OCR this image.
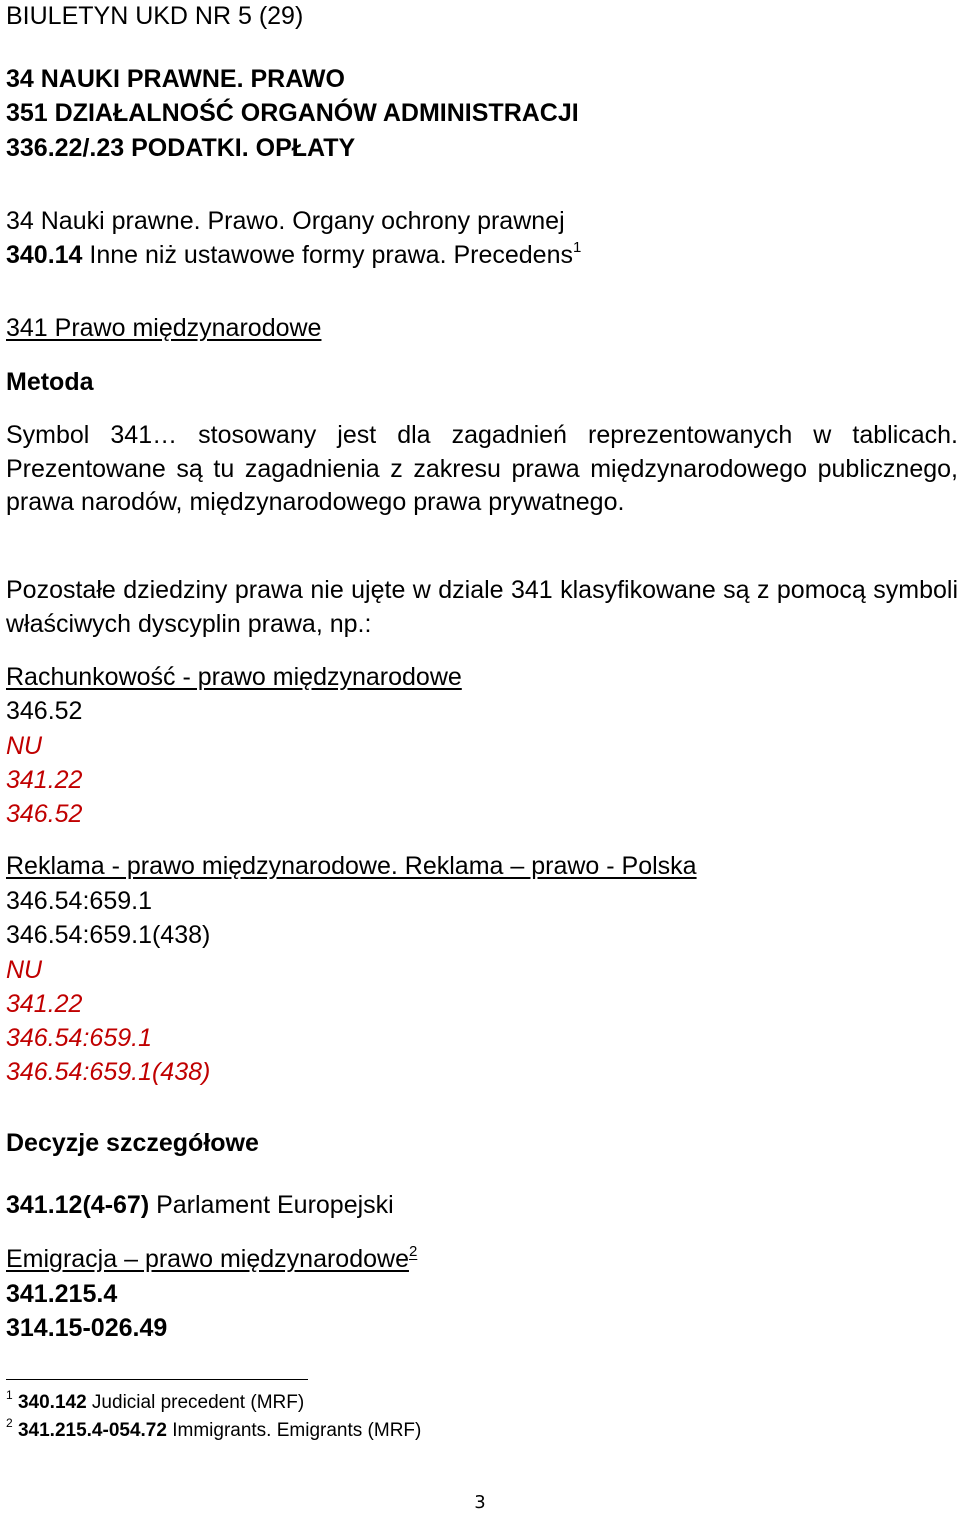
BIULETYN UKD NR 5 (29)
34 NAUKI PRAWNE. PRAWO
351 DZIAŁALNOŚĆ ORGANÓW ADMINISTRACJI
336.22/.23 PODATKI. OPŁATY
34 Nauki prawne. Prawo. Organy ochrony prawnej
340.14 Inne niż ustawowe formy prawa. Precedens$^1$
341 Prawo międzynarodowe
Metoda
Symbol 341… stosowany jest dla zagadnień reprezentowanych w tablicach. Prezentowane są tu zagadnienia z zakresu prawa międzynarodowego publicznego, prawa narodów, międzynarodowego prawa prywatnego.
Pozostałe dziedziny prawa nie ujęte w dziale 341 klasyfikowane są z pomocą symboli właściwych dyscyplin prawa, np.:
Rachunkowość - prawo międzynarodowe
346.52
NU
341.22
346.52
Reklama - prawo międzynarodowe. Reklama – prawo - Polska
346.54:659.1
346.54:659.1(438)
NU
341.22
346.54:659.1
346.54:659.1(438)
Decyzje szczegółowe
341.12(4-67) Parlament Europejski
Emigracja – prawo międzynarodowe$^2$
341.215.4
314.15-026.49
$^1$ 340.142 Judicial precedent (MRF)
$^2$ 341.215.4-054.72 Immigrants. Emigrants (MRF)
3
